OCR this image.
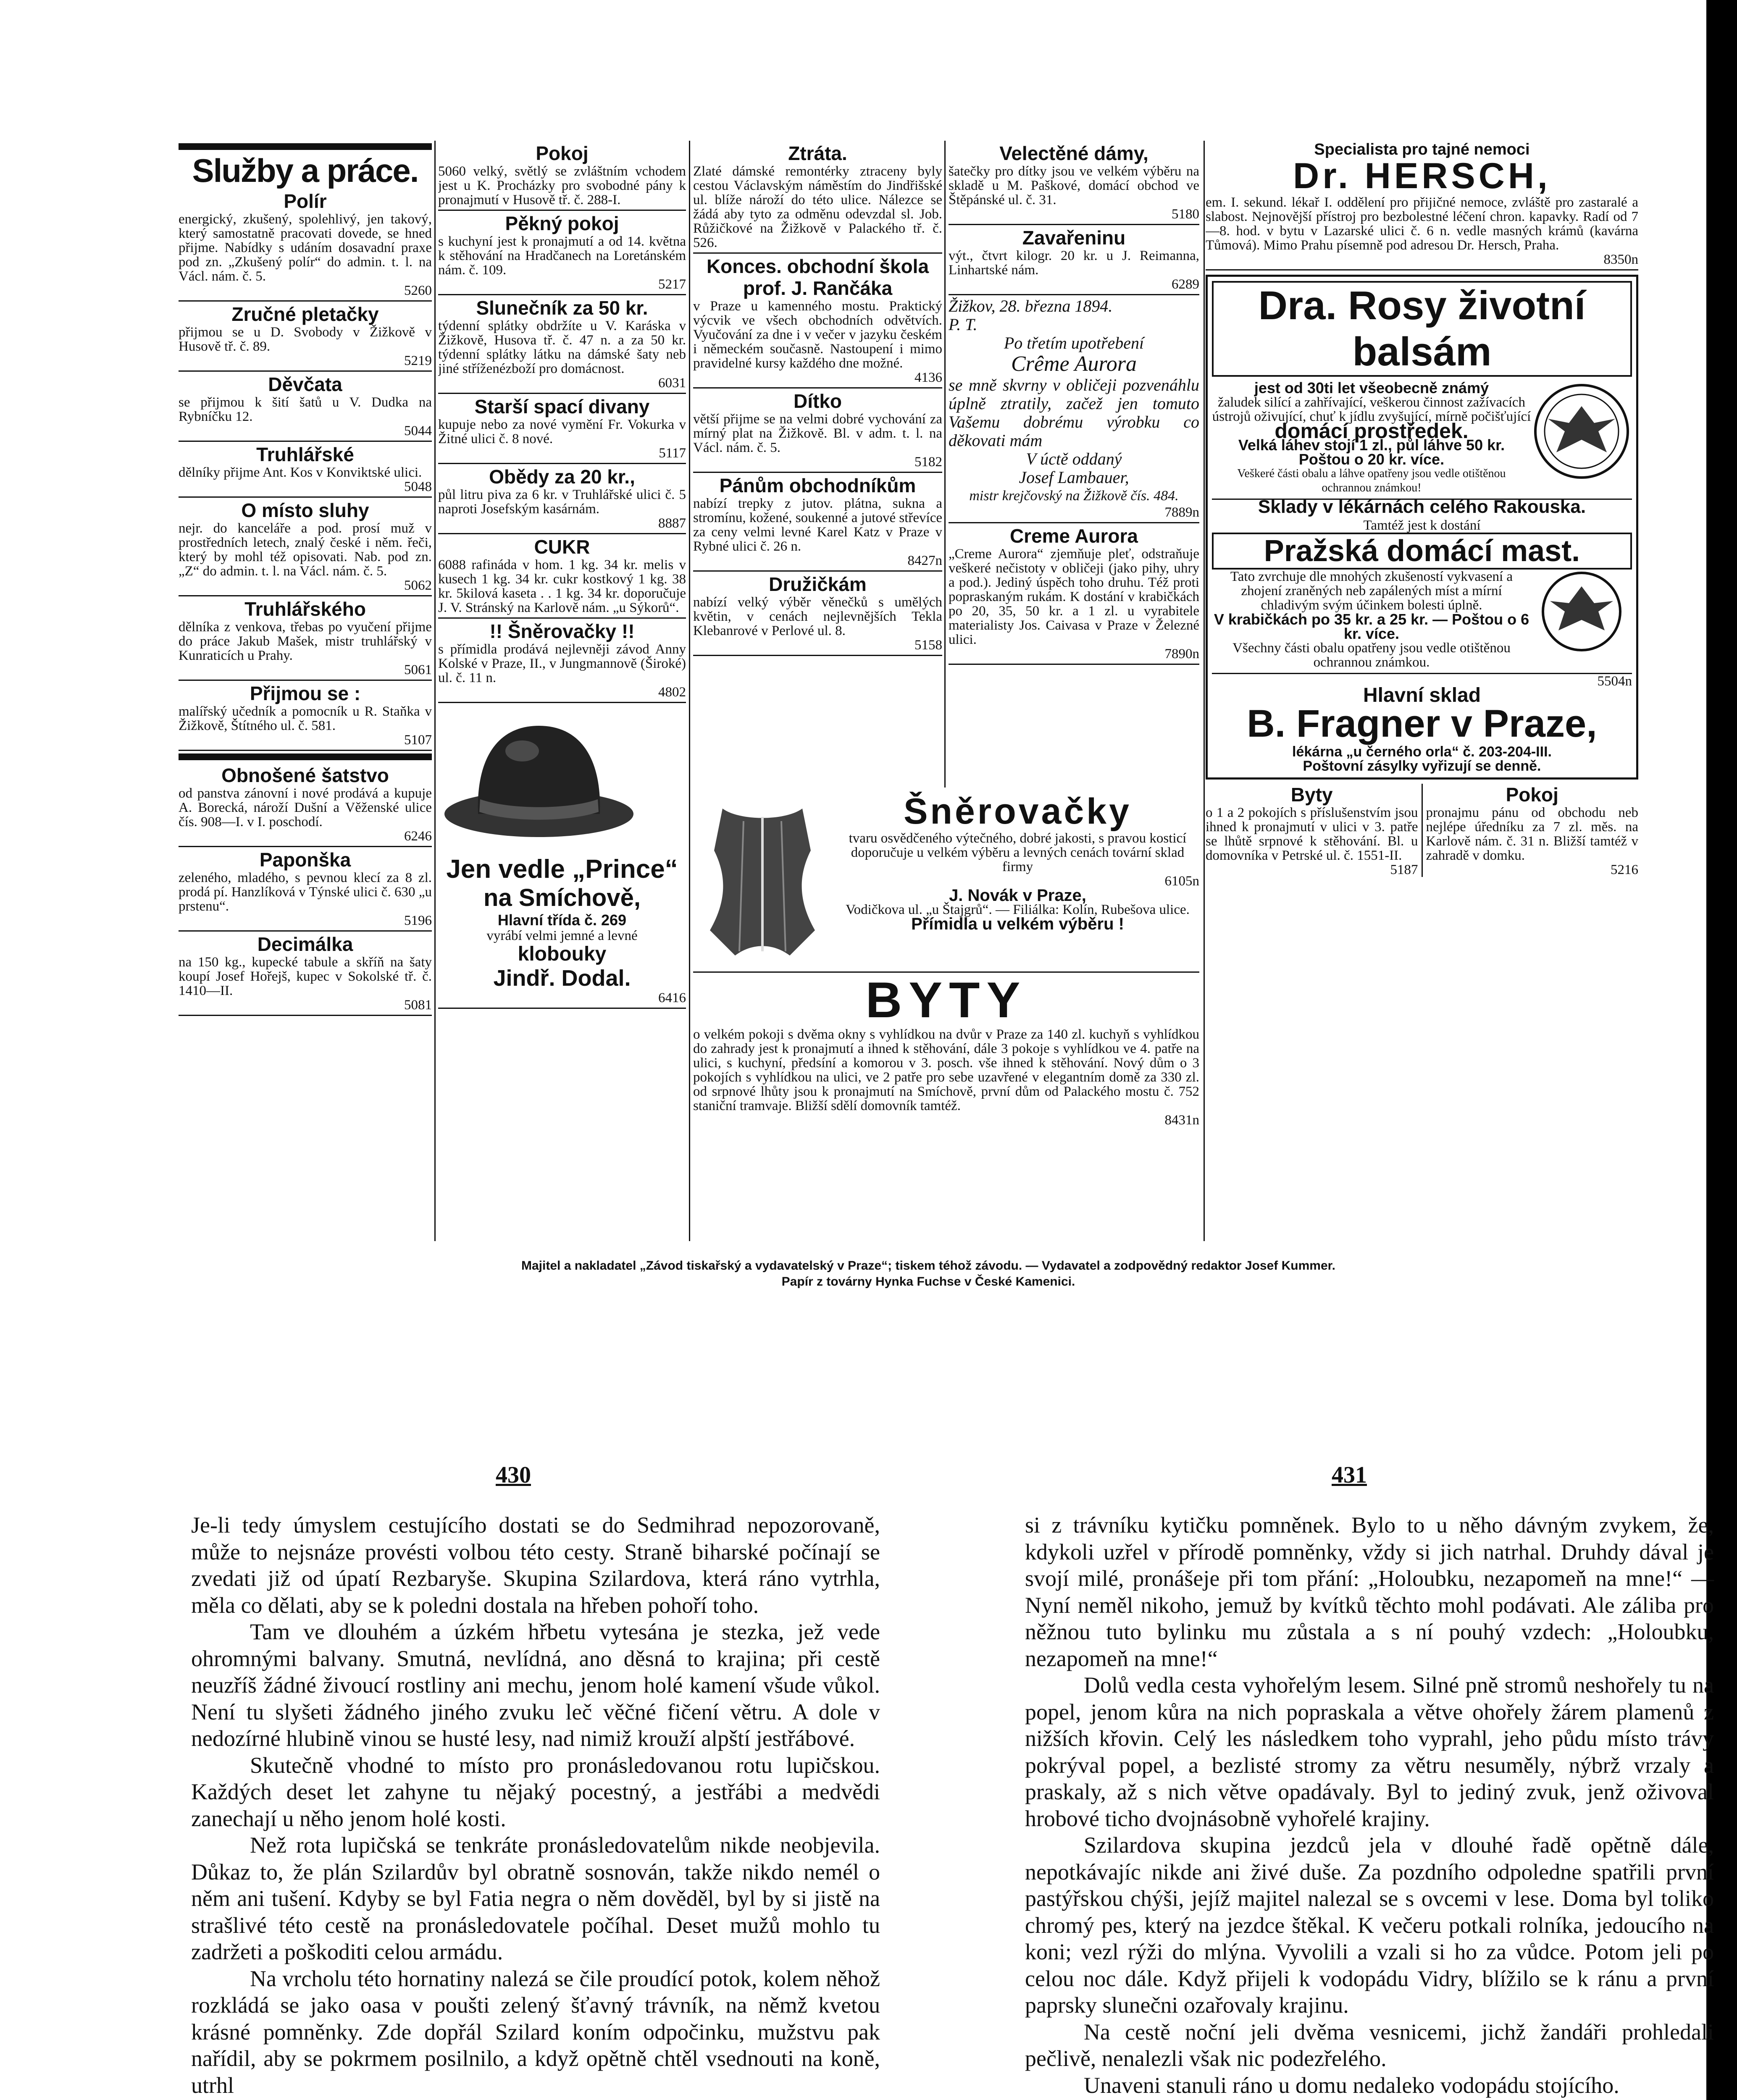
Služby a práce.
Polír
energický, zkušený, spolehlivý, jen takový, který samostatně pracovati dovede, se hned přijme. Nabídky s udáním dosavadní praxe pod zn. „Zkušený polír“ do admin. t. l. na Václ. nám. č. 5.
5260
Zručné pletačky
přijmou se u D. Svobody v Žižkově v Husově tř. č. 89.
5219
Děvčata
se přijmou k šití šatů u V. Dudka na Rybníčku 12.
5044
Truhlářské
dělníky přijme Ant. Kos v Konviktské ulici.
5048
O místo sluhy
nejr. do kanceláře a pod. prosí muž v prostředních letech, znalý české i něm. řeči, který by mohl též opisovati. Nab. pod zn. „Z“ do admin. t. l. na Václ. nám. č. 5.
5062
Truhlářského
dělníka z venkova, třebas po vyučení přijme do práce Jakub Mašek, mistr truhlářský v Kunraticích u Prahy.
5061
Přijmou se :
malířský učedník a pomocník u R. Staňka v Žižkově, Štítného ul. č. 581.
5107
Obnošené šatstvo
od panstva zánovní i nové prodává a kupuje A. Borecká, nároží Dušní a Věženské ulice čís. 908—I. v I. poschodí.
6246
Paponška
zeleného, mladého, s pevnou klecí za 8 zl. prodá pí. Hanzlíková v Týnské ulici č. 630 „u prstenu“.
5196
Decimálka
na 150 kg., kupecké tabule a skříň na šaty koupí Josef Hořejš, kupec v Sokolské tř. č. 1410—II.
5081
Pokoj
5060 velký, světlý se zvláštním vchodem jest u K. Procházky pro svobodné pány k pronajmutí v Husově tř. č. 288-I.
Pěkný pokoj
s kuchyní jest k pronajmutí a od 14. května k stěhování na Hradčanech na Loretánském nám. č. 109.
5217
Slunečník za 50 kr.
týdenní splátky obdržíte u V. Karáska v Žižkově, Husova tř. č. 47 n. a za 50 kr. týdenní splátky látku na dámské šaty neb jiné stříženézboží pro domácnost.
6031
Starší spací divany
kupuje nebo za nové vymění Fr. Vokurka v Žitné ulici č. 8 nové.
5117
Obědy za 20 kr.,
půl litru piva za 6 kr. v Truhlářské ulici č. 5 naproti Josefským kasárnám.
8887
CUKR
6088 rafináda v hom. 1 kg. 34 kr. melis v kusech 1 kg. 34 kr. cukr kostkový 1 kg. 38 kr. 5kilová kaseta . . 1 kg. 34 kr. doporučuje J. V. Stránský na Karlově nám. „u Sýkorů“.
!! Šněrovačky !!
s přímidla prodává nejlevněji závod Anny Kolské v Praze, II., v Jungmannově (Široké) ul. č. 11 n.
4802
Jen vedle „Prince“
na Smíchově,
Hlavní třída č. 269
vyrábí velmi jemné a levné
klobouky
Jindř. Dodal.
6416
Ztráta.
Zlaté dámské remontérky ztraceny byly cestou Václavským náměstím do Jindřišské ul. blíže nároží do této ulice. Nálezce se žádá aby tyto za odměnu odevzdal sl. Job. Růžičkové na Žižkově v Palackého tř. č. 526.
Konces. obchodní škola prof. J. Rančáka
v Praze u kamenného mostu. Praktický výcvik ve všech obchodních odvětvích. Vyučování za dne i v večer v jazyku českém i německém současně. Nastoupení i mimo pravidelné kursy každého dne možné.
4136
Dítko
větší přijme se na velmi dobré vychování za mírný plat na Žižkově. Bl. v adm. t. l. na Václ. nám. č. 5.
5182
Pánům obchodníkům
nabízí trepky z jutov. plátna, sukna a stromínu, kožené, soukenné a jutové střevíce za ceny velmi levné Karel Katz v Praze v Rybné ulici č. 26 n.
8427n
Družičkám
nabízí velký výběr věnečků s umělých květin, v cenách nejlevnějších Tekla Klebanrové v Perlové ul. 8.
5158
Velectěné dámy,
šatečky pro dítky jsou ve velkém výběru na skladě u M. Paškové, domácí obchod ve Štěpánské ul. č. 31.
5180
Zavařeninu
výt., čtvrt kilogr. 20 kr. u J. Reimanna, Linhartské nám.
6289
Žižkov, 28. března 1894.
P. T.
Po třetím upotřebení
Crême Aurora
se mně skvrny v obličeji pozvenáhlu úplně ztratily, začež jen tomuto Vašemu dobrému výrobku co děkovati mám
V úctě oddaný
Josef Lambauer,
mistr krejčovský na Žižkově čís. 484.
7889n
Creme Aurora
„Creme Aurora“ zjemňuje pleť, odstraňuje veškeré nečistoty v obličeji (jako pihy, uhry a pod.). Jediný úspěch toho druhu. Též proti popraskaným rukám. K dostání v krabičkách po 20, 35, 50 kr. a 1 zl. u vyrabitele materialisty Jos. Caivasa v Praze v Železné ulici.
7890n
Šněrovačky
tvaru osvědčeného výtečného, dobré jakosti, s pravou kosticí doporučuje u velkém výběru a levných cenách tovární sklad firmy
6105n
J. Novák v Praze,
Vodičkova ul. „u Štajgrů“. — Filiálka: Kolín, Rubešova ulice.
Přímidla u velkém výběru !
BYTY
o velkém pokoji s dvěma okny s vyhlídkou na dvůr v Praze za 140 zl. kuchyň s vyhlídkou do zahrady jest k pronajmutí a ihned k stěhování, dále 3 pokoje s vyhlídkou ve 4. patře na ulici, s kuchyní, předsíní a komorou v 3. posch. vše ihned k stěhování. Nový dům o 3 pokojích s vyhlídkou na ulici, ve 2 patře pro sebe uzavřené v elegantním domě za 330 zl. od srpnové lhůty jsou k pronajmutí na Smíchově, první dům od Palackého mostu č. 752 staniční tramvaje. Bližší sdělí domovník tamtéž.
8431n
Specialista pro tajné nemoci
Dr. HERSCH,
em. I. sekund. lékař I. oddělení pro přijičné nemoce, zvláště pro zastaralé a slabost. Nejnovější přístroj pro bezbolestné léčení chron. kapavky. Radí od 7—8. hod. v bytu v Lazarské ulici č. 6 n. vedle masných krámů (kavárna Tůmová). Mimo Prahu písemně pod adresou Dr. Hersch, Praha.
8350n
Dra. Rosy životní balsám
jest od 30ti let všeobecně známý
žaludek silící a zahřívající, veškerou činnost zažívacích ústrojů oživující, chuť k jídlu zvyšující, mírně počišťující
domácí prostředek.
Velká láhev stojí 1 zl., půl láhve 50 kr. Poštou o 20 kr. více.
Veškeré části obalu a láhve opatřeny jsou vedle otištěnou ochrannou známkou!
Sklady v lékárnách celého Rakouska.
Tamtéž jest k dostání
Pražská domácí mast.
Tato zvrchuje dle mnohých zkušeností vykvasení a zhojení zraněných neb zapálených míst a mírní chladivým svým účinkem bolesti úplně.
V krabičkách po 35 kr. a 25 kr. — Poštou o 6 kr. více.
Všechny části obalu opatřeny jsou vedle otištěnou ochrannou známkou.
5504n
Hlavní sklad
B. Fragner v Praze,
lékárna „u černého orla“ č. 203-204-III.
Poštovní zásylky vyřizují se denně.
Byty
o 1 a 2 pokojích s příslušenstvím jsou ihned k pronajmutí v ulici v 3. patře se lhůtě srpnové k stěhování. Bl. u domovníka v Petrské ul. č. 1551-II.
5187
Pokoj
pronajmu pánu od obchodu neb nejlépe úředníku za 7 zl. měs. na Karlově nám. č. 31 n. Bližší tamtéž v zahradě v domku.
5216
Majitel a nakladatel „Závod tiskařský a vydavatelský v Praze“; tiskem téhož závodu. — Vydavatel a zodpovědný redaktor Josef Kummer.
Papír z továrny Hynka Fuchse v České Kamenici.
430	431

Je-li tedy úmyslem cestujícího dostati se do Sedmihrad nepozorovaně, může to nejsnáze provésti volbou této cesty. Straně biharské počínají se zvedati již od úpatí Rezbaryše. Skupina Szilardova, která ráno vytrhla, měla co dělati, aby se k poledni dostala na hřeben pohoří toho.

Tam ve dlouhém a úzkém hřbetu vytesána je stezka, jež vede ohromnými balvany. Smutná, nevlídná, ano děsná to krajina; při cestě neuzříš žádné živoucí rostliny ani mechu, jenom holé kamení všude vůkol. Není tu slyšeti žádného jiného zvuku leč věčné fičení větru. A dole v nedozírné hlubině vinou se husté lesy, nad nimiž krouží alpští jestřábové.

Skutečně vhodné to místo pro pronásledovanou rotu lupičskou. Každých deset let zahyne tu nějaký pocestný, a jestřábi a medvědi zanechají u něho jenom holé kosti.

Než rota lupičská se tenkráte pronásledovatelům nikde neobjevila. Důkaz to, že plán Szilardův byl obratně sosnován, takže nikdo nemél o něm ani tušení. Kdyby se byl Fatia negra o něm dověděl, byl by si jistě na strašlivé této cestě na pronásledovatele počíhal. Deset mužů mohlo tu zadržeti a poškoditi celou armádu.

Na vrcholu této hornatiny nalezá se čile proudící potok, kolem něhož rozkládá se jako oasa v poušti zelený šťavný trávník, na němž kvetou krásné pomněnky. Zde dopřál Szilard koním odpočinku, mužstvu pak nařídil, aby se pokrmem posilnilo, a když opětně chtěl vsednouti na koně, utrhl

si z trávníku kytičku pomněnek. Bylo to u něho dávným zvykem, že, kdykoli uzřel v přírodě pomněnky, vždy si jich natrhal. Druhdy dával je svojí milé, pronášeje při tom přání: „Holoubku, nezapomeň na mne!“ — Nyní neměl nikoho, jemuž by kvítků těchto mohl podávati. Ale záliba pro něžnou tuto bylinku mu zůstala a s ní pouhý vzdech: „Holoubku, nezapomeň na mne!“

Dolů vedla cesta vyhořelým lesem. Silné pně stromů neshořely tu na popel, jenom kůra na nich popraskala a větve ohořely žárem plamenů z nižších křovin. Celý les následkem toho vyprahl, jeho půdu místo trávy pokrýval popel, a bezlisté stromy za větru nesuměly, nýbrž vrzaly a praskaly, až s nich větve opadávaly. Byl to jediný zvuk, jenž oživoval hrobové ticho dvojnásobně vyhořelé krajiny.

Szilardova skupina jezdců jela v dlouhé řadě opětně dále, nepotkávajíc nikde ani živé duše. Za pozdního odpoledne spatřili první pastýřskou chýši, jejíž majitel nalezal se s ovcemi v lese. Doma byl toliko chromý pes, který na jezdce štěkal. K večeru potkali rolníka, jedoucího na koni; vezl rýži do mlýna. Vyvolili a vzali si ho za vůdce. Potom jeli po celou noc dále. Když přijeli k vodopádu Vidry, blížilo se k ránu a první paprsky slunečni ozařovaly krajinu.

Na cestě noční jeli dvěma vesnicemi, jichž žandáři prohledali pečlivě, nenalezli však nic podezřelého.

Unaveni stanuli ráno u domu nedaleko vodopádu stojícího.
